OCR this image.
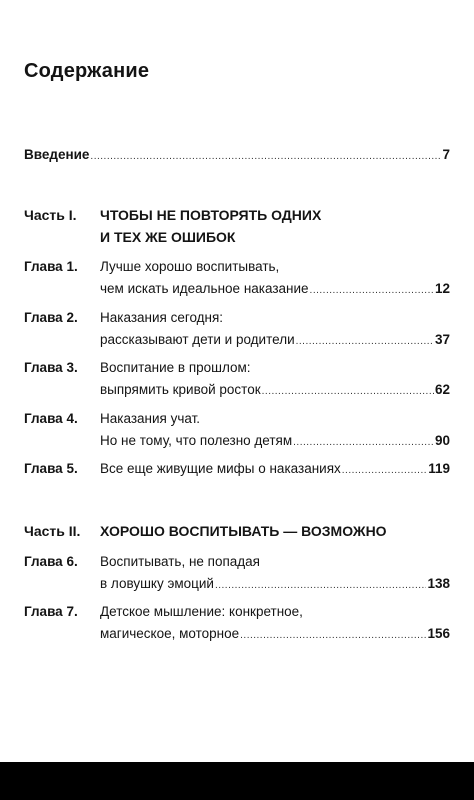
Содержание
Введение .....	7
Часть I. ЧТОБЫ НЕ ПОВТОРЯТЬ ОДНИХ
И ТЕХ ЖЕ ОШИБОК
Глава 1. Лучше хорошо воспитывать,
чем искать идеальное наказание .....	12
Глава 2. Наказания сегодня:
рассказывают дети и родители .....	37
Глава 3. Воспитание в прошлом:
выпрямить кривой росток .....	62
Глава 4. Наказания учат.
Но не тому, что полезно детям .....	90
Глава 5. Все еще живущие мифы о наказаниях .....	119
Часть II. ХОРОШО ВОСПИТЫВАТЬ — ВОЗМОЖНО
Глава 6. Воспитывать, не попадая
в ловушку эмоций .....	138
Глава 7. Детское мышление: конкретное,
магическое, моторное .....	156
